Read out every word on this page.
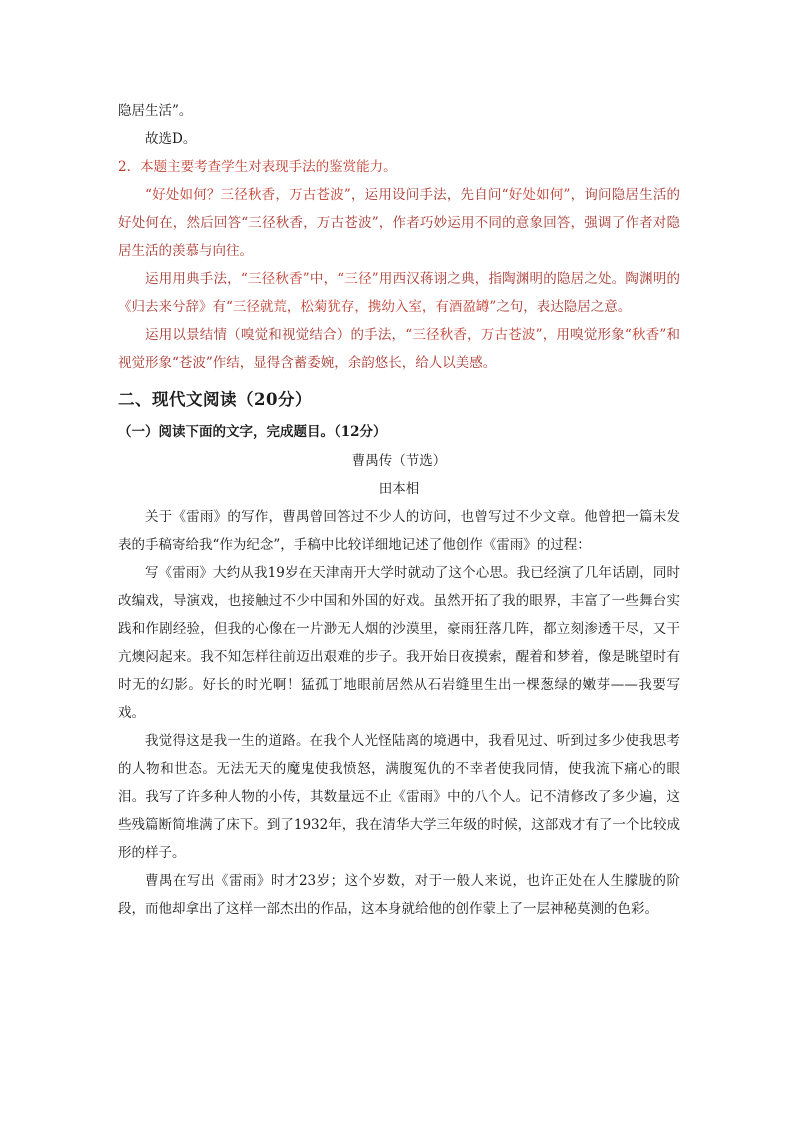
隐居生活”。

故选D。

2．本题主要考查学生对表现手法的鉴赏能力。

“好处如何？三径秋香，万古苍波”，运用设问手法，先自问“好处如何”，询问隐居生活的好处何在，然后回答“三径秋香，万古苍波”，作者巧妙运用不同的意象回答，强调了作者对隐居生活的羡慕与向往。

运用用典手法，“三径秋香”中，“三径”用西汉蒋诩之典，指陶渊明的隐居之处。陶渊明的《归去来兮辞》有“三径就荒，松菊犹存，携幼入室，有酒盈罇”之句，表达隐居之意。

运用以景结情（嗅觉和视觉结合）的手法，“三径秋香，万古苍波”，用嗅觉形象“秋香”和视觉形象“苍波”作结，显得含蓄委婉，余韵悠长，给人以美感。

二、现代文阅读（20分）

（一）阅读下面的文字，完成题目。（12分）

曹禺传（节选）

田本相

关于《雷雨》的写作，曹禺曾回答过不少人的访问，也曾写过不少文章。他曾把一篇未发表的手稿寄给我“作为纪念”，手稿中比较详细地记述了他创作《雷雨》的过程：

写《雷雨》大约从我19岁在天津南开大学时就动了这个心思。我已经演了几年话剧，同时改编戏，导演戏，也接触过不少中国和外国的好戏。虽然开拓了我的眼界，丰富了一些舞台实践和作剧经验，但我的心像在一片渺无人烟的沙漠里，豪雨狂落几阵，都立刻渗透干尽，又干亢燠闷起来。我不知怎样往前迈出艰难的步子。我开始日夜摸索，醒着和梦着，像是眺望时有时无的幻影。好长的时光啊！猛孤丁地眼前居然从石岩缝里生出一棵葱绿的嫩芽——我要写戏。

我觉得这是我一生的道路。在我个人光怪陆离的境遇中，我看见过、听到过多少使我思考的人物和世态。无法无天的魔鬼使我愤怒，满腹冤仇的不幸者使我同情，使我流下痛心的眼泪。我写了许多种人物的小传，其数量远不止《雷雨》中的八个人。记不清修改了多少遍，这些残篇断简堆满了床下。到了1932年，我在清华大学三年级的时候，这部戏才有了一个比较成形的样子。

曹禺在写出《雷雨》时才23岁；这个岁数，对于一般人来说，也许正处在人生朦胧的阶段，而他却拿出了这样一部杰出的作品，这本身就给他的创作蒙上了一层神秘莫测的色彩。
